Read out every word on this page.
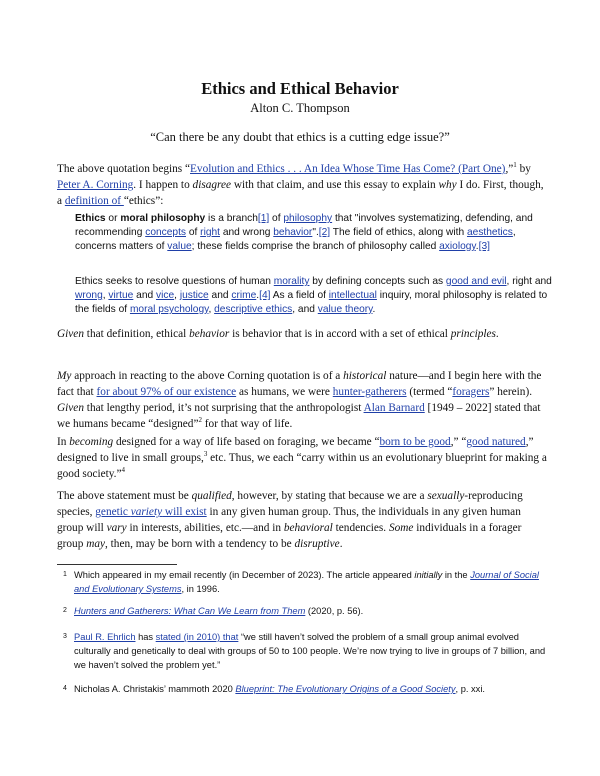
Ethics and Ethical Behavior
Alton C. Thompson
“Can there be any doubt that ethics is a cutting edge issue?”
The above quotation begins “Evolution and Ethics . . . An Idea Whose Time Has Come? (Part One),”$^1$ by Peter A. Corning. I happen to disagree with that claim, and use this essay to explain why I do. First, though, a definition of “ethics”:
Ethics or moral philosophy is a branch[1] of philosophy that "involves systematizing, defending, and recommending concepts of right and wrong behavior".[2] The field of ethics, along with aesthetics, concerns matters of value; these fields comprise the branch of philosophy called axiology.[3]
Ethics seeks to resolve questions of human morality by defining concepts such as good and evil, right and wrong, virtue and vice, justice and crime.[4] As a field of intellectual inquiry, moral philosophy is related to the fields of moral psychology, descriptive ethics, and value theory.
Given that definition, ethical behavior is behavior that is in accord with a set of ethical principles.
My approach in reacting to the above Corning quotation is of a historical nature—and I begin here with the fact that for about 97% of our existence as humans, we were hunter-gatherers (termed “foragers” herein). Given that lengthy period, it’s not surprising that the anthropologist Alan Barnard [1949 – 2022] stated that we humans became “designed”$^2$ for that way of life.
In becoming designed for a way of life based on foraging, we became “born to be good,” “good natured,” designed to live in small groups,$^3$ etc. Thus, we each “carry within us an evolutionary blueprint for making a good society.”$^4$
The above statement must be qualified, however, by stating that because we are a sexually-reproducing species, genetic variety will exist in any given human group. Thus, the individuals in any given human group will vary in interests, abilities, etc.—and in behavioral tendencies. Some individuals in a forager group may, then, may be born with a tendency to be disruptive.
1 Which appeared in my email recently (in December of 2023). The article appeared initially in the Journal of Social and Evolutionary Systems, in 1996.
2 Hunters and Gatherers: What Can We Learn from Them (2020, p. 56).
3 Paul R. Ehrlich has stated (in 2010) that “we still haven’t solved the problem of a small group animal evolved culturally and genetically to deal with groups of 50 to 100 people. We’re now trying to live in groups of 7 billion, and we haven’t solved the problem yet.”
4 Nicholas A. Christakis’ mammoth 2020 Blueprint: The Evolutionary Origins of a Good Society, p. xxi.
